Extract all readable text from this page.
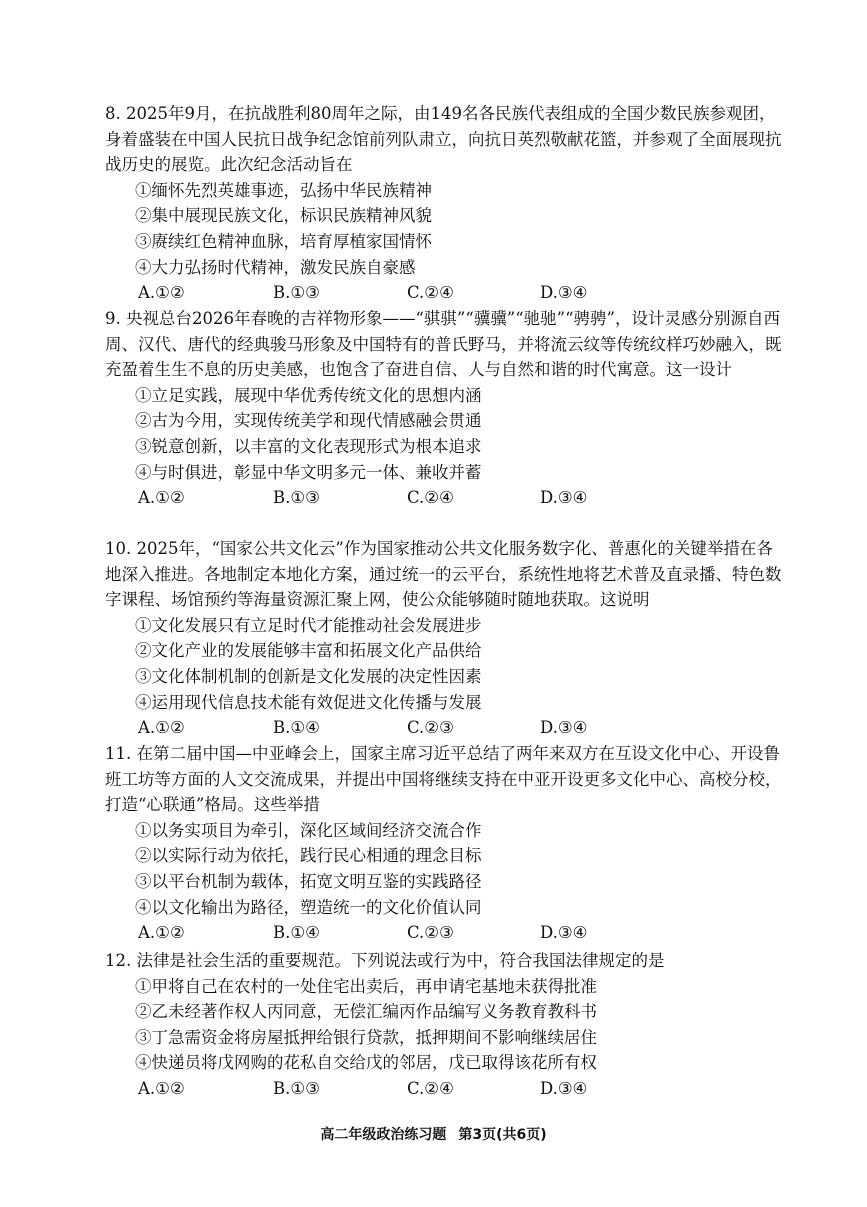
8. 2025年9月，在抗战胜利80周年之际，由149名各民族代表组成的全国少数民族参观团，身着盛装在中国人民抗日战争纪念馆前列队肃立，向抗日英烈敬献花篮，并参观了全面展现抗战历史的展览。此次纪念活动旨在

①缅怀先烈英雄事迹，弘扬中华民族精神

②集中展现民族文化，标识民族精神风貌

③赓续红色精神血脉，培育厚植家国情怀

④大力弘扬时代精神，激发民族自豪感

A.①②	B.①③	C.②④	D.③④

9. 央视总台2026年春晚的吉祥物形象——“骐骐”“骥骥”“驰驰”“骋骋”，设计灵感分别源自西周、汉代、唐代的经典骏马形象及中国特有的普氏野马，并将流云纹等传统纹样巧妙融入，既充盈着生生不息的历史美感，也饱含了奋进自信、人与自然和谐的时代寓意。这一设计

①立足实践，展现中华优秀传统文化的思想内涵

②古为今用，实现传统美学和现代情感融会贯通

③锐意创新，以丰富的文化表现形式为根本追求

④与时俱进，彰显中华文明多元一体、兼收并蓄

A.①②	B.①③	C.②④	D.③④

10. 2025年，“国家公共文化云”作为国家推动公共文化服务数字化、普惠化的关键举措在各地深入推进。各地制定本地化方案，通过统一的云平台，系统性地将艺术普及直录播、特色数字课程、场馆预约等海量资源汇聚上网，使公众能够随时随地获取。这说明

①文化发展只有立足时代才能推动社会发展进步

②文化产业的发展能够丰富和拓展文化产品供给

③文化体制机制的创新是文化发展的决定性因素

④运用现代信息技术能有效促进文化传播与发展

A.①②	B.①④	C.②③	D.③④

11. 在第二届中国—中亚峰会上，国家主席习近平总结了两年来双方在互设文化中心、开设鲁班工坊等方面的人文交流成果，并提出中国将继续支持在中亚开设更多文化中心、高校分校，打造“心联通”格局。这些举措

①以务实项目为牵引，深化区域间经济交流合作

②以实际行动为依托，践行民心相通的理念目标

③以平台机制为载体，拓宽文明互鉴的实践路径

④以文化输出为路径，塑造统一的文化价值认同

A.①②	B.①④	C.②③	D.③④

12. 法律是社会生活的重要规范。下列说法或行为中，符合我国法律规定的是

①甲将自己在农村的一处住宅出卖后，再申请宅基地未获得批准

②乙未经著作权人丙同意，无偿汇编丙作品编写义务教育教科书

③丁急需资金将房屋抵押给银行贷款，抵押期间不影响继续居住

④快递员将戊网购的花私自交给戊的邻居，戊已取得该花所有权

A.①②	B.①③	C.②④	D.③④
高二年级政治练习题 第3页(共6页)
